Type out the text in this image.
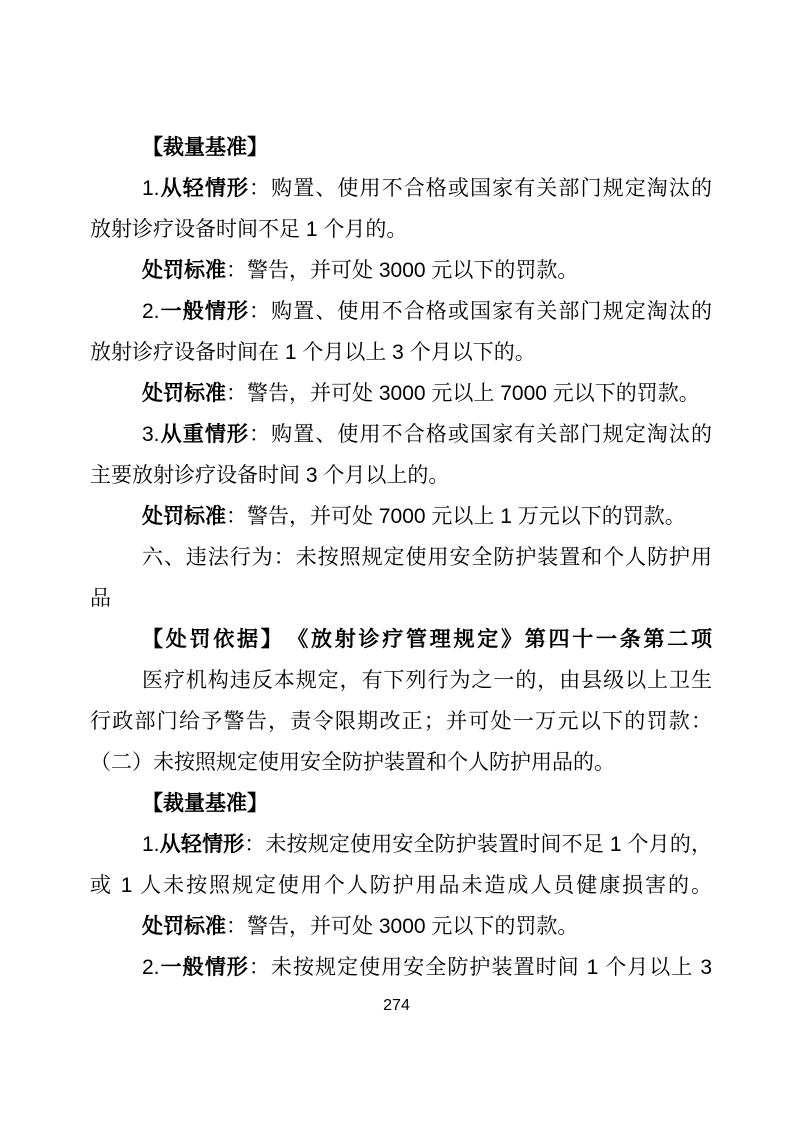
【裁量基准】
1.从轻情形：购置、使用不合格或国家有关部门规定淘汰的
放射诊疗设备时间不足 1 个月的。
处罚标准：警告，并可处 3000 元以下的罚款。
2.一般情形：购置、使用不合格或国家有关部门规定淘汰的
放射诊疗设备时间在 1 个月以上 3 个月以下的。
处罚标准：警告，并可处 3000 元以上 7000 元以下的罚款。
3.从重情形：购置、使用不合格或国家有关部门规定淘汰的
主要放射诊疗设备时间 3 个月以上的。
处罚标准：警告，并可处 7000 元以上 1 万元以下的罚款。
六、违法行为：未按照规定使用安全防护装置和个人防护用
品
【处罚依据】　 《放射诊疗管理规定》第四十一条第二项
医疗机构违反本规定，有下列行为之一的，由县级以上卫生
行政部门给予警告，责令限期改正；并可处一万元以下的罚款：
（二）未按照规定使用安全防护装置和个人防护用品的。
【裁量基准】
1.从轻情形：未按规定使用安全防护装置时间不足 1 个月的，
或 1 人未按照规定使用个人防护用品未造成人员健康损害的。
处罚标准：警告，并可处 3000 元以下的罚款。
2.一般情形：未按规定使用安全防护装置时间 1 个月以上 3
274
